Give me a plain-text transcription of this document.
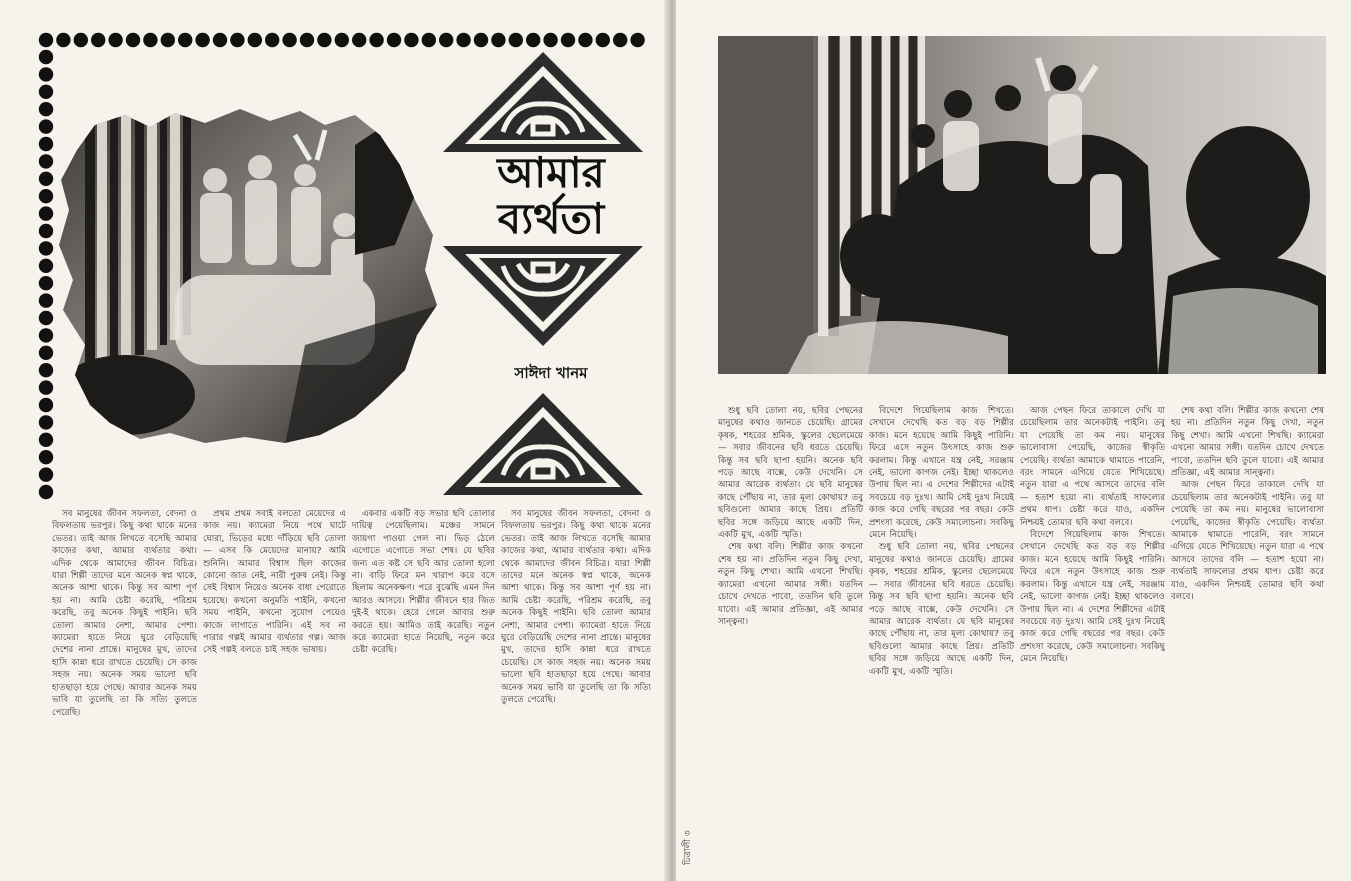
আমার
ব্যর্থতা
সাঈদা খানম

সব মানুষের জীবন সফলতা, বেদনা ও বিফলতায় ভরপুর। কিছু কথা থাকে মনের ভেতর। তাই আজ লিখতে বসেছি আমার কাজের কথা, আমার ব্যর্থতার কথা। এদিক থেকে আমাদের জীবন বিচিত্র। যারা শিল্পী তাদের মনে অনেক স্বপ্ন থাকে, অনেক আশা থাকে। কিন্তু সব আশা পূর্ণ হয় না। আমি চেষ্টা করেছি, পরিশ্রম করেছি, তবু অনেক কিছুই পাইনি। ছবি তোলা আমার নেশা, আমার পেশা। ক্যামেরা হাতে নিয়ে ঘুরে বেড়িয়েছি দেশের নানা প্রান্তে। মানুষের মুখ, তাদের হাসি কান্না ধরে রাখতে চেয়েছি। সে কাজ সহজ নয়। অনেক সময় ভালো ছবি হাতছাড়া হয়ে গেছে। আবার অনেক সময় ভাবি যা তুলেছি তা কি সত্যি তুলতে পেরেছি।

প্রথম প্রথম সবাই বলতো মেয়েদের এ কাজ নয়। ক্যামেরা নিয়ে পথে ঘাটে ঘোরা, ভিড়ের মধ্যে দাঁড়িয়ে ছবি তোলা — এসব কি মেয়েদের মানায়? আমি শুনিনি। আমার বিশ্বাস ছিল কাজের কোনো জাত নেই, নারী পুরুষ নেই। কিন্তু সেই বিশ্বাস নিয়েও অনেক বাধা পেরোতে হয়েছে। কখনো অনুমতি পাইনি, কখনো সময় পাইনি, কখনো সুযোগ পেয়েও কাজে লাগাতে পারিনি। এই সব না পারার গল্পই আমার ব্যর্থতার গল্প। আজ সেই গল্পই বলতে চাই সহজ ভাষায়।

একবার একটি বড় সভার ছবি তোলার দায়িত্ব পেয়েছিলাম। মঞ্চের সামনে জায়গা পাওয়া গেল না। ভিড় ঠেলে এগোতে এগোতে সভা শেষ। যে ছবির জন্য এত কষ্ট সে ছবি আর তোলা হলো না। বাড়ি ফিরে মন খারাপ করে বসে ছিলাম অনেকক্ষণ। পরে বুঝেছি এমন দিন আরও আসবে। শিল্পীর জীবনে হার জিত দুই-ই থাকে। হেরে গেলে আবার শুরু করতে হয়। আমিও তাই করেছি। নতুন করে ক্যামেরা হাতে নিয়েছি, নতুন করে চেষ্টা করেছি।

সব মানুষের জীবন সফলতা, বেদনা ও বিফলতায় ভরপুর। কিছু কথা থাকে মনের ভেতর। তাই আজ লিখতে বসেছি আমার কাজের কথা, আমার ব্যর্থতার কথা। এদিক থেকে আমাদের জীবন বিচিত্র। যারা শিল্পী তাদের মনে অনেক স্বপ্ন থাকে, অনেক আশা থাকে। কিন্তু সব আশা পূর্ণ হয় না। আমি চেষ্টা করেছি, পরিশ্রম করেছি, তবু অনেক কিছুই পাইনি। ছবি তোলা আমার নেশা, আমার পেশা। ক্যামেরা হাতে নিয়ে ঘুরে বেড়িয়েছি দেশের নানা প্রান্তে। মানুষের মুখ, তাদের হাসি কান্না ধরে রাখতে চেয়েছি। সে কাজ সহজ নয়। অনেক সময় ভালো ছবি হাতছাড়া হয়ে গেছে। আবার অনেক সময় ভাবি যা তুলেছি তা কি সত্যি তুলতে পেরেছি।

শুধু ছবি তোলা নয়, ছবির পেছনের মানুষের কথাও জানতে চেয়েছি। গ্রামের কৃষক, শহরের শ্রমিক, স্কুলের ছেলেমেয়ে — সবার জীবনের ছবি ধরতে চেয়েছি। কিন্তু সব ছবি ছাপা হয়নি। অনেক ছবি পড়ে আছে বাক্সে, কেউ দেখেনি। সে আমার আরেক ব্যর্থতা। যে ছবি মানুষের কাছে পৌঁছায় না, তার মূল্য কোথায়? তবু ছবিগুলো আমার কাছে প্রিয়। প্রতিটি ছবির সঙ্গে জড়িয়ে আছে একটি দিন, একটি মুখ, একটি স্মৃতি।

শেষ কথা বলি। শিল্পীর কাজ কখনো শেষ হয় না। প্রতিদিন নতুন কিছু দেখা, নতুন কিছু শেখা। আমি এখনো শিখছি। ক্যামেরা এখনো আমার সঙ্গী। যতদিন চোখে দেখতে পাবো, ততদিন ছবি তুলে যাবো। এই আমার প্রতিজ্ঞা, এই আমার সান্ত্বনা।

বিদেশে গিয়েছিলাম কাজ শিখতে। সেখানে দেখেছি কত বড় বড় শিল্পীর কাজ। মনে হয়েছে আমি কিছুই পারিনি। ফিরে এসে নতুন উৎসাহে কাজ শুরু করলাম। কিন্তু এখানে যন্ত্র নেই, সরঞ্জাম নেই, ভালো কাগজ নেই। ইচ্ছা থাকলেও উপায় ছিল না। এ দেশের শিল্পীদের এটাই সবচেয়ে বড় দুঃখ। আমি সেই দুঃখ নিয়েই কাজ করে গেছি বছরের পর বছর। কেউ প্রশংসা করেছে, কেউ সমালোচনা। সবকিছু মেনে নিয়েছি।

শুধু ছবি তোলা নয়, ছবির পেছনের মানুষের কথাও জানতে চেয়েছি। গ্রামের কৃষক, শহরের শ্রমিক, স্কুলের ছেলেমেয়ে — সবার জীবনের ছবি ধরতে চেয়েছি। কিন্তু সব ছবি ছাপা হয়নি। অনেক ছবি পড়ে আছে বাক্সে, কেউ দেখেনি। সে আমার আরেক ব্যর্থতা। যে ছবি মানুষের কাছে পৌঁছায় না, তার মূল্য কোথায়? তবু ছবিগুলো আমার কাছে প্রিয়। প্রতিটি ছবির সঙ্গে জড়িয়ে আছে একটি দিন, একটি মুখ, একটি স্মৃতি।

আজ পেছন ফিরে তাকালে দেখি যা চেয়েছিলাম তার অনেকটাই পাইনি। তবু যা পেয়েছি তা কম নয়। মানুষের ভালোবাসা পেয়েছি, কাজের স্বীকৃতি পেয়েছি। ব্যর্থতা আমাকে থামাতে পারেনি, বরং সামনে এগিয়ে যেতে শিখিয়েছে। নতুন যারা এ পথে আসবে তাদের বলি — হতাশ হয়ো না। ব্যর্থতাই সাফল্যের প্রথম ধাপ। চেষ্টা করে যাও, একদিন নিশ্চয়ই তোমার ছবি কথা বলবে।

বিদেশে গিয়েছিলাম কাজ শিখতে। সেখানে দেখেছি কত বড় বড় শিল্পীর কাজ। মনে হয়েছে আমি কিছুই পারিনি। ফিরে এসে নতুন উৎসাহে কাজ শুরু করলাম। কিন্তু এখানে যন্ত্র নেই, সরঞ্জাম নেই, ভালো কাগজ নেই। ইচ্ছা থাকলেও উপায় ছিল না। এ দেশের শিল্পীদের এটাই সবচেয়ে বড় দুঃখ। আমি সেই দুঃখ নিয়েই কাজ করে গেছি বছরের পর বছর। কেউ প্রশংসা করেছে, কেউ সমালোচনা। সবকিছু মেনে নিয়েছি।

শেষ কথা বলি। শিল্পীর কাজ কখনো শেষ হয় না। প্রতিদিন নতুন কিছু দেখা, নতুন কিছু শেখা। আমি এখনো শিখছি। ক্যামেরা এখনো আমার সঙ্গী। যতদিন চোখে দেখতে পাবো, ততদিন ছবি তুলে যাবো। এই আমার প্রতিজ্ঞা, এই আমার সান্ত্বনা।

আজ পেছন ফিরে তাকালে দেখি যা চেয়েছিলাম তার অনেকটাই পাইনি। তবু যা পেয়েছি তা কম নয়। মানুষের ভালোবাসা পেয়েছি, কাজের স্বীকৃতি পেয়েছি। ব্যর্থতা আমাকে থামাতে পারেনি, বরং সামনে এগিয়ে যেতে শিখিয়েছে। নতুন যারা এ পথে আসবে তাদের বলি — হতাশ হয়ো না। ব্যর্থতাই সাফল্যের প্রথম ধাপ। চেষ্টা করে যাও, একদিন নিশ্চয়ই তোমার ছবি কথা বলবে।

চিত্রালী ৩
